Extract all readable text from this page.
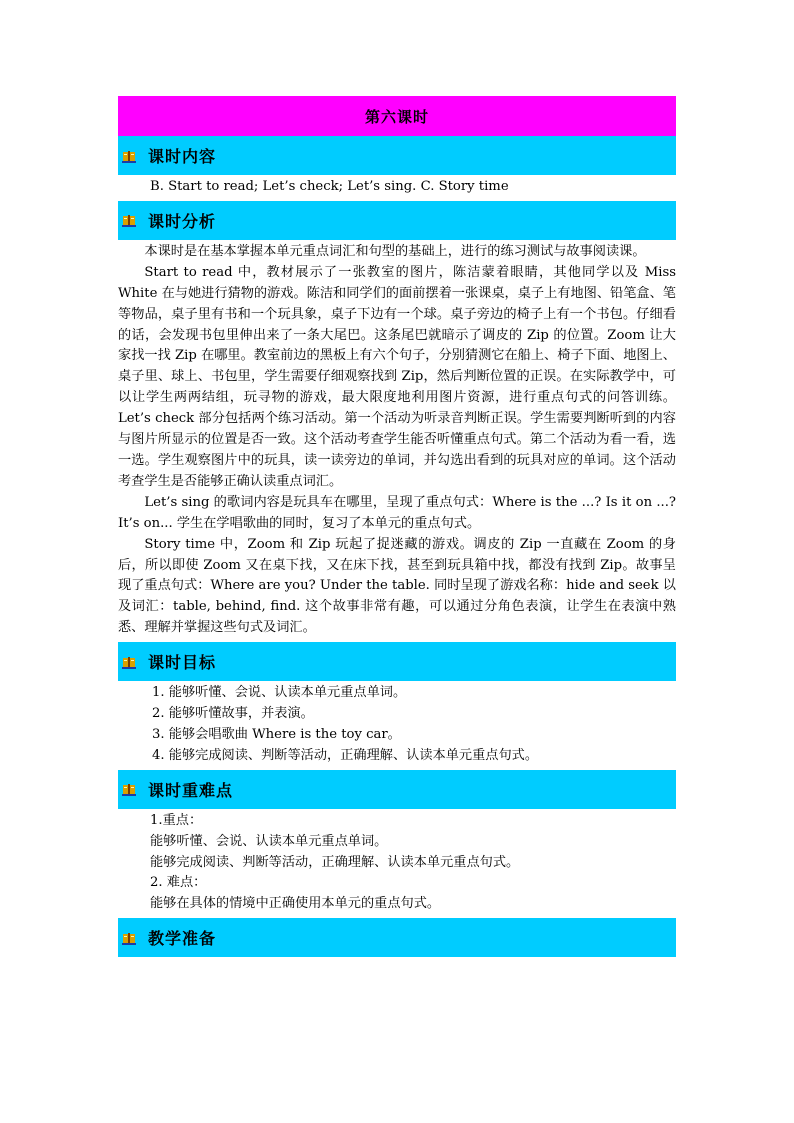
第六课时
课时内容

B. Start to read; Let’s check; Let’s sing. C. Story time

课时分析

本课时是在基本掌握本单元重点词汇和句型的基础上，进行的练习测试与故事阅读课。

Start to read 中，教材展示了一张教室的图片，陈洁蒙着眼睛，其他同学以及 Miss White 在与她进行猜物的游戏。陈洁和同学们的面前摆着一张课桌，桌子上有地图、铅笔盒、笔等物品，桌子里有书和一个玩具象，桌子下边有一个球。桌子旁边的椅子上有一个书包。仔细看的话，会发现书包里伸出来了一条大尾巴。这条尾巴就暗示了调皮的 Zip 的位置。Zoom 让大家找一找 Zip 在哪里。教室前边的黑板上有六个句子，分别猜测它在船上、椅子下面、地图上、桌子里、球上、书包里，学生需要仔细观察找到 Zip，然后判断位置的正误。在实际教学中，可以让学生两两结组，玩寻物的游戏，最大限度地利用图片资源，进行重点句式的问答训练。Let’s check 部分包括两个练习活动。第一个活动为听录音判断正误。学生需要判断听到的内容与图片所显示的位置是否一致。这个活动考查学生能否听懂重点句式。第二个活动为看一看，选一选。学生观察图片中的玩具，读一读旁边的单词，并勾选出看到的玩具对应的单词。这个活动考查学生是否能够正确认读重点词汇。

Let’s sing 的歌词内容是玩具车在哪里，呈现了重点句式：Where is the ...? Is it on ...? It’s on... 学生在学唱歌曲的同时，复习了本单元的重点句式。

Story time 中，Zoom 和 Zip 玩起了捉迷藏的游戏。调皮的 Zip 一直藏在 Zoom 的身后，所以即使 Zoom 又在桌下找，又在床下找，甚至到玩具箱中找，都没有找到 Zip。故事呈现了重点句式：Where are you? Under the table. 同时呈现了游戏名称：hide and seek 以及词汇：table, behind, find. 这个故事非常有趣，可以通过分角色表演，让学生在表演中熟悉、理解并掌握这些句式及词汇。

课时目标

1. 能够听懂、会说、认读本单元重点单词。

2. 能够听懂故事，并表演。

3. 能够会唱歌曲 Where is the toy car。

4. 能够完成阅读、判断等活动，正确理解、认读本单元重点句式。

课时重难点

1.重点：

能够听懂、会说、认读本单元重点单词。

能够完成阅读、判断等活动，正确理解、认读本单元重点句式。

2. 难点：

能够在具体的情境中正确使用本单元的重点句式。

教学准备
